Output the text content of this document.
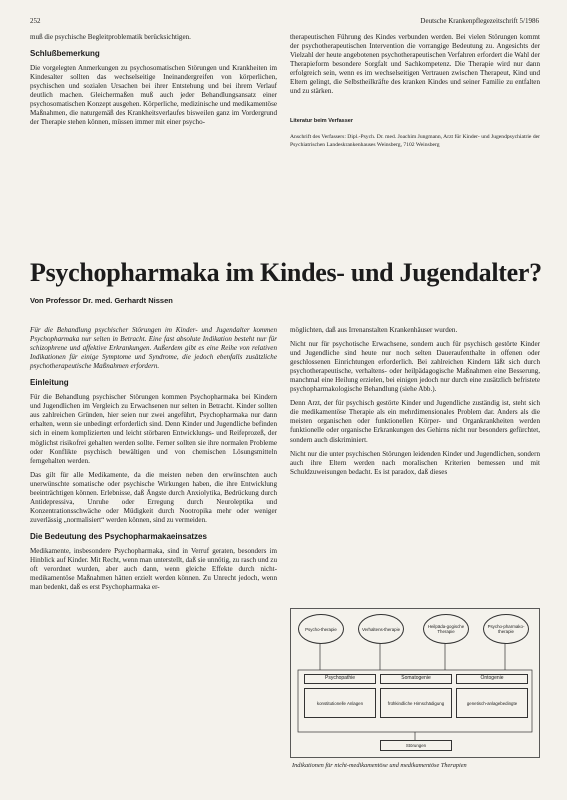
252	Deutsche Krankenpflegezeitschrift 5/1986

muß die psychische Begleitproblematik berücksichtigen.

Schlußbemerkung

Die vorgelegten Anmerkungen zu psychosomatischen Störungen und Krankheiten im Kindesalter sollten das wechselseitige Ineinandergreifen von körperlichen, psychischen und sozialen Ursachen bei ihrer Entstehung und bei ihrem Verlauf deutlich machen. Gleichermaßen muß auch jeder Behandlungsansatz einer psychosomatischen Konzept ausgehen. Körperliche, medizinische und medikamentöse Maßnahmen, die naturgemäß des Krankheitsverlaufes bisweilen ganz im Vordergrund der Therapie stehen können, müssen immer mit einer psycho-

therapeutischen Führung des Kindes verbunden werden. Bei vielen Störungen kommt der psychotherapeutischen Intervention die vorrangige Bedeutung zu. Angesichts der Vielzahl der heute angebotenen psychotherapeutischen Verfahren erfordert die Wahl der Therapieform besondere Sorgfalt und Sachkompetenz. Die Therapie wird nur dann erfolgreich sein, wenn es im wechselseitigen Vertrauen zwischen Therapeut, Kind und Eltern gelingt, die Selbstheilkräfte des kranken Kindes und seiner Familie zu entfalten und zu stärken.

Literatur beim Verfasser
Anschrift des Verfassers: Dipl.-Psych. Dr. med. Joachim Jungmann, Arzt für Kinder- und Jugendpsychiatrie der Psychiatrischen Landeskrankenhauses Weinsberg, 7102 Weinsberg
Psychopharmaka im Kindes- und Jugendalter?
Von Professor Dr. med. Gerhardt Nissen

Für die Behandlung psychischer Störungen im Kinder- und Jugendalter kommen Psychopharmaka nur selten in Betracht. Eine fast absolute Indikation besteht nur für schizophrene und affektive Erkrankungen. Außerdem gibt es eine Reihe von relativen Indikationen für einige Symptome und Syndrome, die jedoch ebenfalls zusätzliche psychotherapeutische Maßnahmen erfordern.

Einleitung

Für die Behandlung psychischer Störungen kommen Psychopharmaka bei Kindern und Jugendlichen im Vergleich zu Erwachsenen nur selten in Betracht. Kinder sollten aus zahlreichen Gründen, hier seien nur zwei angeführt, Psychopharmaka nur dann erhalten, wenn sie unbedingt erforderlich sind. Denn Kinder und Jugendliche befinden sich in einem komplizierten und leicht störbaren Entwicklungs- und Reifeprozeß, der möglichst risikofrei gehalten werden sollte. Ferner sollten sie ihre normalen Probleme oder Konflikte psychisch bewältigen und von chemischen Lösungsmitteln ferngehalten werden.

Das gilt für alle Medikamente, da die meisten neben den erwünschten auch unerwünschte somatische oder psychische Wirkungen haben, die ihre Entwicklung beeinträchtigen können. Erlebnisse, daß Ängste durch Anxiolytika, Bedrückung durch Antidepressiva, Unruhe oder Erregung durch Neuroleptika und Konzentrationsschwäche oder Müdigkeit durch Nootropika mehr oder weniger zuverlässig „normalisiert“ werden können, sind zu vermeiden.

Die Bedeutung des Psychopharmakaeinsatzes

Medikamente, insbesondere Psychopharmaka, sind in Verruf geraten, besonders im Hinblick auf Kinder. Mit Recht, wenn man unterstellt, daß sie unnötig, zu rasch und zu oft verordnet wurden, aber auch dann, wenn gleiche Effekte durch nicht-medikamentöse Maßnahmen hätten erzielt werden können. Zu Unrecht jedoch, wenn man bedenkt, daß es erst Psychopharmaka er-

möglichten, daß aus Irrenanstalten Krankenhäuser wurden.

Nicht nur für psychotische Erwachsene, sondern auch für psychisch gestörte Kinder und Jugendliche sind heute nur noch selten Daueraufenthalte in offenen oder geschlossenen Einrichtungen erforderlich. Bei zahlreichen Kindern läßt sich durch psychotherapeutische, verhaltens- oder heilpädagogische Maßnahmen eine Besserung, manchmal eine Heilung erzielen, bei einigen jedoch nur durch eine zusätzlich befristete psychopharmakologische Behandlung (siehe Abb.).

Denn Arzt, der für psychisch gestörte Kinder und Jugendliche zuständig ist, steht sich die medikamentöse Therapie als ein mehrdimensionales Problem dar. Anders als die meisten organischen oder funktionellen Körper- und Organkrankheiten werden funktionelle oder organische Erkrankungen des Gehirns nicht nur besonders gefürchtet, sondern auch diskriminiert.

Nicht nur die unter psychischen Störungen leidenden Kinder und Jugendlichen, sondern auch ihre Eltern werden nach moralischen Kriterien bemessen und mit Schuldzuweisungen bedacht. Es ist paradox, daß dieses

Psycho-therapie	Verhaltens-therapie	Heilpäda-gogische Therapie
Psycho-pharmako-therapie
Psychopathie	Somatogenie	Ontogenie
konstitutionelle Anlagen	frühkindliche Hirnschädigung	genetisch-anlagebedingte
Störungen
Indikationen für nicht-medikamentöse und medikamentöse Therapien
